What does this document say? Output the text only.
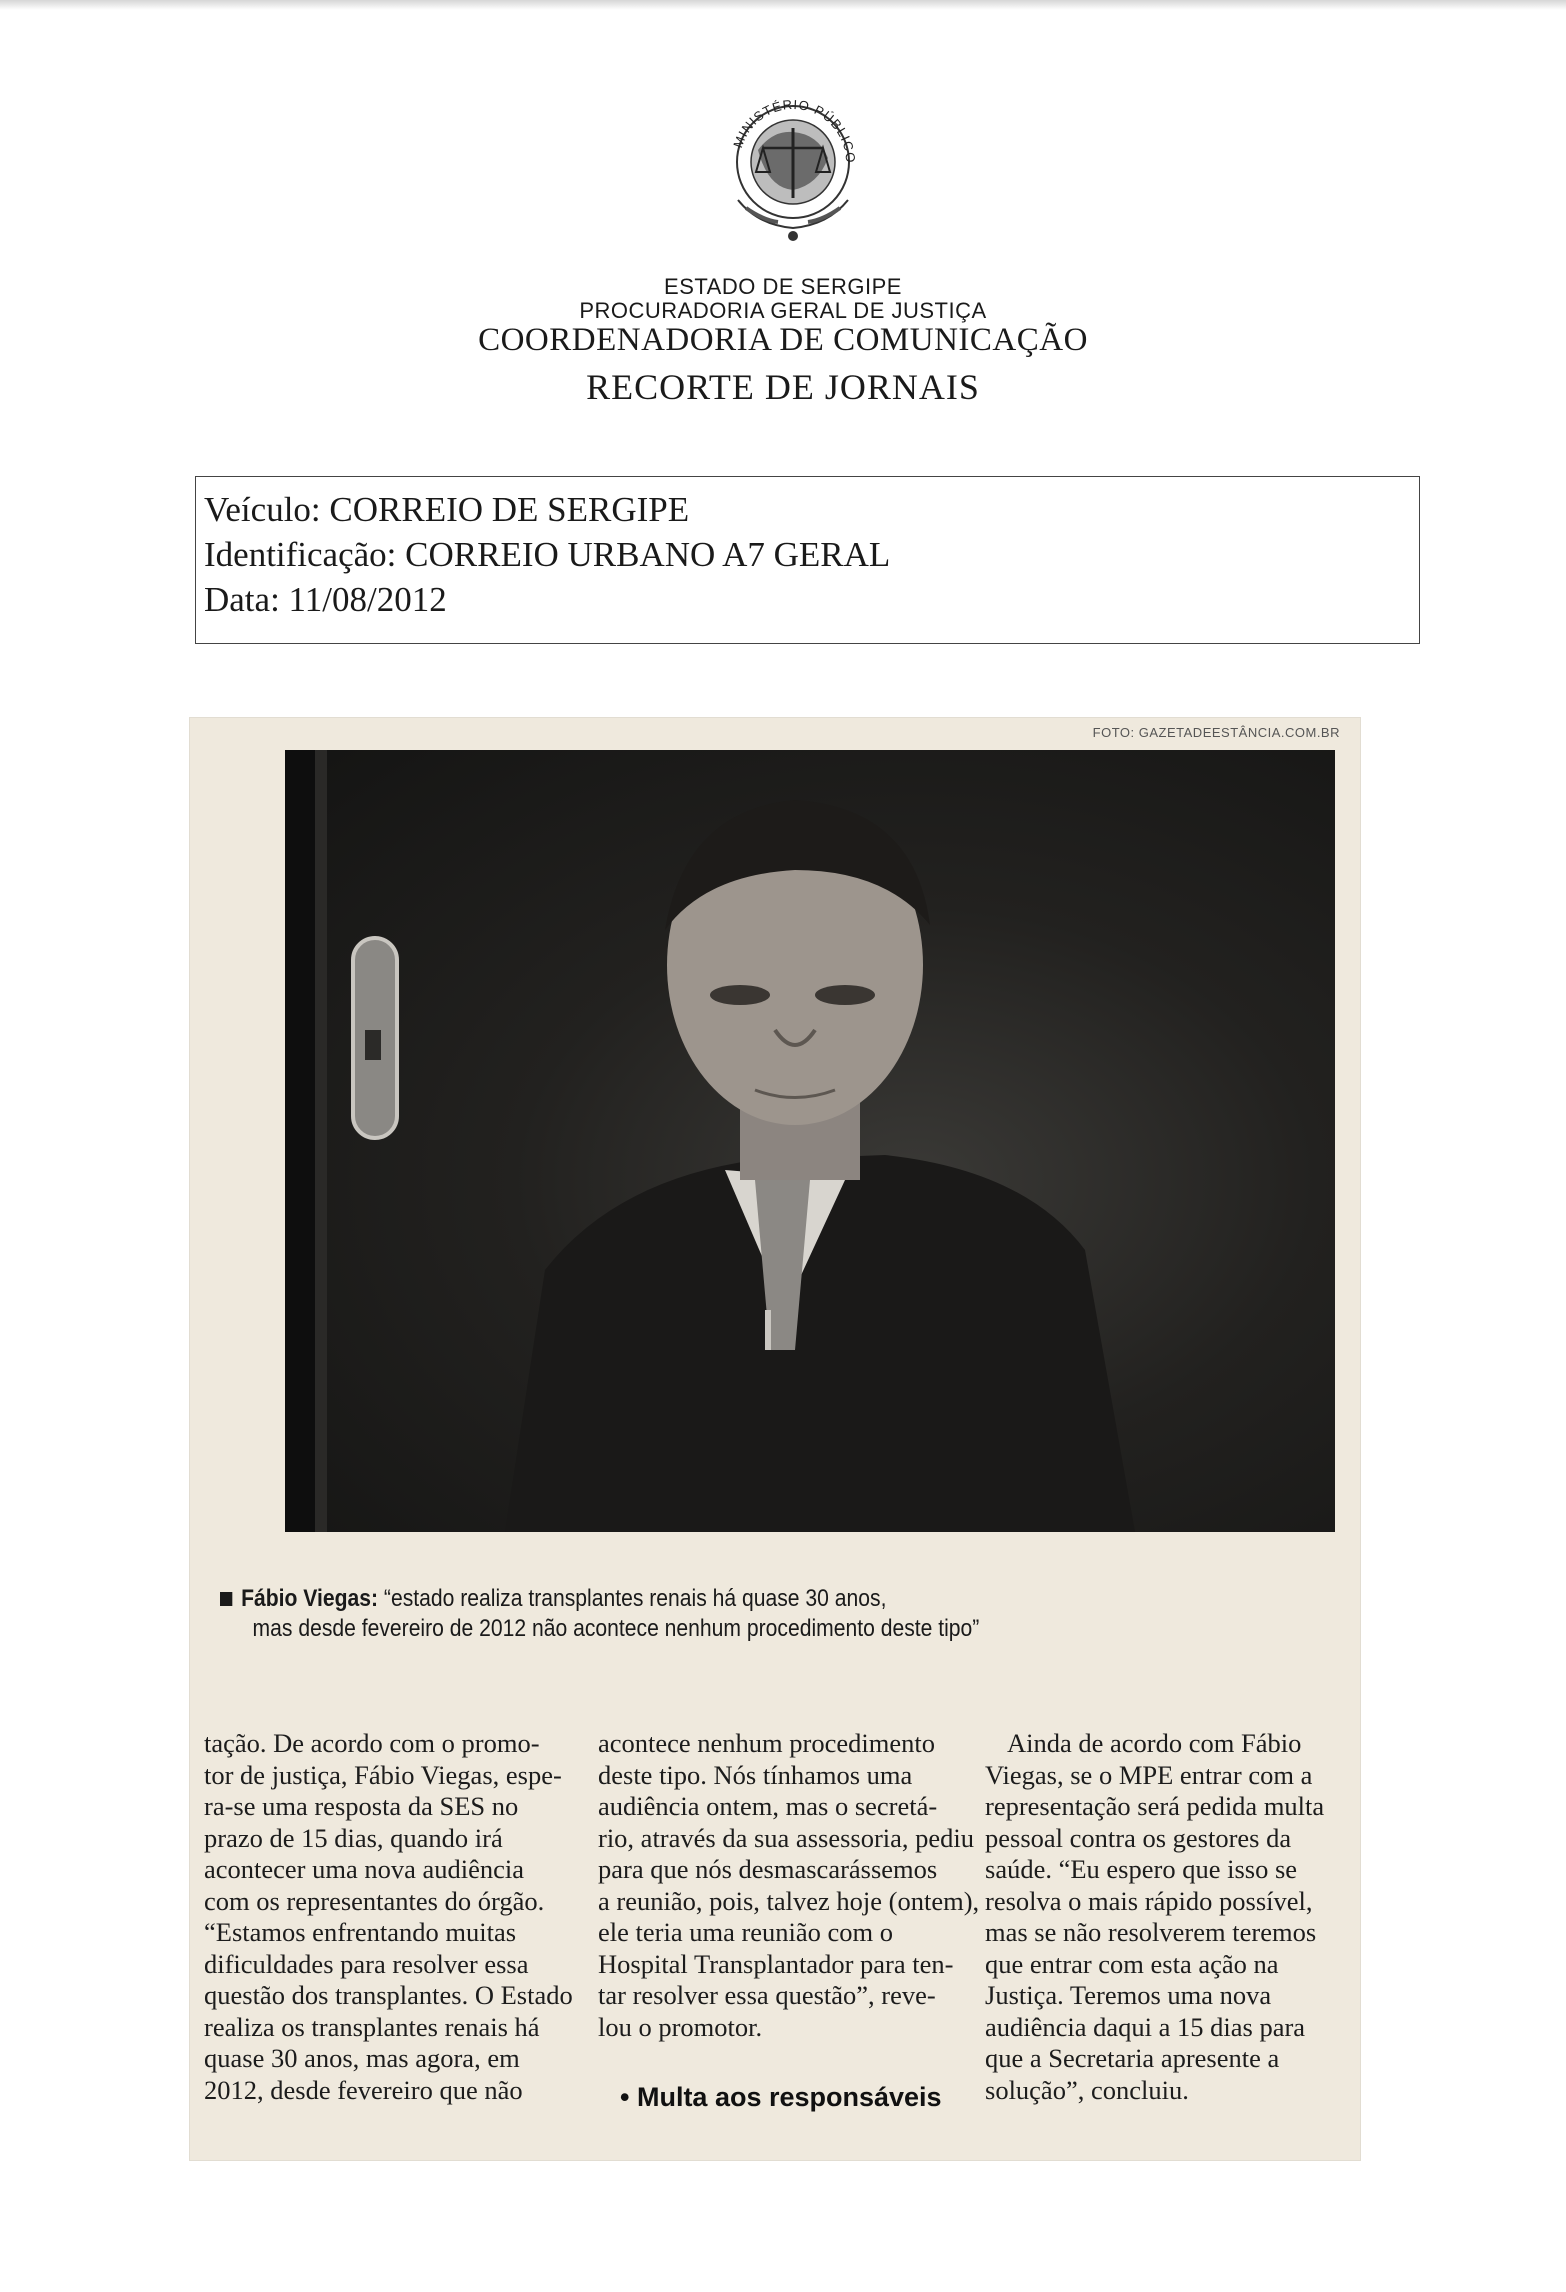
MINISTÉRIO PÚBLICO
ESTADO DE SERGIPE
PROCURADORIA GERAL DE JUSTIÇA
COORDENADORIA DE COMUNICAÇÃO
RECORTE DE JORNAIS
Veículo: CORREIO DE SERGIPE
Identificação: CORREIO URBANO A7 GERAL
Data: 11/08/2012
FOTO: GAZETADEESTÂNCIA.COM.BR
Fábio Viegas: “estado realiza transplantes renais há quase 30 anos,
mas desde fevereiro de 2012 não acontece nenhum procedimento deste tipo”
tação. De acordo com o promo-
tor de justiça, Fábio Viegas, espe-
ra-se uma resposta da SES no
prazo de 15 dias, quando irá
acontecer uma nova audiência
com os representantes do órgão.
“Estamos enfrentando muitas
dificuldades para resolver essa
questão dos transplantes. O Estado
realiza os transplantes renais há
quase 30 anos, mas agora, em
2012, desde fevereiro que não
acontece nenhum procedimento
deste tipo. Nós tínhamos uma
audiência ontem, mas o secretá-
rio, através da sua assessoria, pediu
para que nós desmascarássemos
a reunião, pois, talvez hoje (ontem),
ele teria uma reunião com o
Hospital Transplantador para ten-
tar resolver essa questão”, reve-
lou o promotor.
• Multa aos responsáveis
Ainda de acordo com Fábio
Viegas, se o MPE entrar com a
representação será pedida multa
pessoal contra os gestores da
saúde. “Eu espero que isso se
resolva o mais rápido possível,
mas se não resolverem teremos
que entrar com esta ação na
Justiça. Teremos uma nova
audiência daqui a 15 dias para
que a Secretaria apresente a
solução”, concluiu.
